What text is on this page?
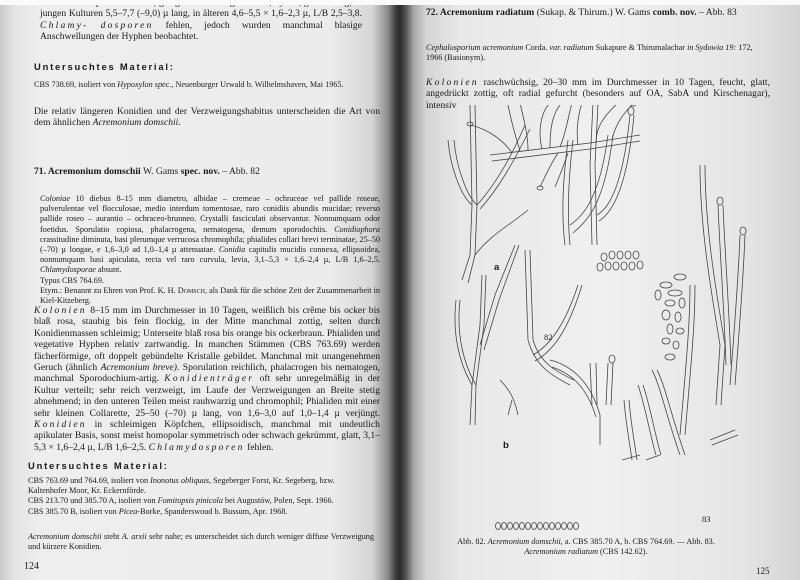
jungen Kulturen 5,5–7,7 (–9,0) µ lang, in älteren 4,6–5,5 × 1,6–2,3 µ, L/B 2,5–3,8. Chlamy- dosporen fehlen, jedoch wurden manchmal blasige Anschwellungen der Hyphen beobachtet.
Untersuchtes Material:
CBS 738.69, isoliert von Hypoxylon spec., Neuenburger Urwald b. Wilhelmshaven, Mai 1965.
Die relativ längeren Konidien und der Verzweigungshabitus unterscheiden die Art von dem ähnlichen Acremonium domschii.
71. Acremonium domschii W. Gams spec. nov. – Abb. 82
Coloniae 10 diebus 8–15 mm diametro, albidae – cremeae – ochraceae vel pallide roseae, pulverulentae vel flocculosae, medio interdum tomentosae, raro conidiis abundis mucidae; reverso pallide roseo – aurantio – ochraceo-brunneo. Crystalli fasciculati observantur. Nonnumquam odor foetidus. Sporulatio copiosa, phalacrogena, nematogena, demum sporodochiis. Conidiophora crassitudine diminuta, basi plerumque verrucosa chromophila; phialides collari brevi terminatae, 25–50 (–70) µ longae, e 1,6–3,0 ad 1,0–1,4 µ attenuatae. Conidia capitulis mucidis connexa, ellipsoidea, nonnumquam basi apiculata, recta vel raro curvula, levia, 3,1–5,3 × 1,6–2,4 µ, L/B 1,6–2,5. Chlamydosporae absunt.
Typus CBS 764.69.
Etym.: Benannt zu Ehren von Prof. K. H. Domsch, als Dank für die schöne Zeit der Zusammenarbeit in Kiel-Kitzeberg.
Kolonien 8–15 mm im Durchmesser in 10 Tagen, weißlich bis crême bis ocker bis blaß rosa, staubig bis fein flockig, in der Mitte manchmal zottig, selten durch Konidienmassen schleimig; Unterseite blaß rosa bis orange bis ockerbraun. Phialiden und vegetative Hyphen relativ zartwandig. In manchen Stämmen (CBS 763.69) werden fächerförmige, oft doppelt gebündelte Kristalle gebildet. Manchmal mit unangenehmen Geruch (ähnlich Acremonium breve). Sporulation reichlich, phalacrogen bis nematogen, manchmal Sporodochium-artig. Konidienträger oft sehr unregelmäßig in der Kultur verteilt; sehr reich verzweigt, im Laufe der Verzweigungen an Breite stetig abnehmend; in den unteren Teilen meist rauhwarzig und chromophil; Phialiden mit einer sehr kleinen Collarette, 25–50 (–70) µ lang, von 1,6–3,0 auf 1,0–1,4 µ verjüngt. Konidien in schleimigen Köpfchen, ellipsoidisch, manchmal mit undeutlich apikulater Basis, sonst meist homopolar symmetrisch oder schwach gekrümmt, glatt, 3,1–5,3 × 1,6–2,4 µ, L/B 1,6–2,5. Chlamydosporen fehlen.
Untersuchtes Material:
CBS 763.69 und 764.69, isoliert von Inonotus obliquus, Segeberger Forst, Kr. Segeberg, bzw. Kaltenhofer Moor, Kr. Eckernförde.
CBS 213.70 und 385.70 A, isoliert von Fomitopsis pinicola bei Augustów, Polen, Sept. 1966.
CBS 385.70 B, isoliert von Picea-Borke, Spanderswoud b. Bussum, Apr. 1968.
Acremonium domschii steht A. arxii sehr nahe; es unterscheidet sich durch weniger diffuse Verzweigung und kürzere Konidien.
124
72. Acremonium radiatum (Sukap. & Thirum.) W. Gams comb. nov. – Abb. 83
Cephalosporium acremonium Corda. var. radiatum Sukapure & Thirumalachar in Sydowia 19: 172, 1966 (Basionym).
Kolonien raschwüchsig, 20–30 mm im Durchmesser in 10 Tagen, feucht, glatt, angedrückt zottig, oft radial gefurcht (besonders auf OA, SabA und Kirschenagar), intensiv
a
b
82
83
Abb. 82. Acremonium domschii, a. CBS 385.70 A, b. CBS 764.69. — Abb. 83. Acremonium radiatum (CBS 142.62).
125
